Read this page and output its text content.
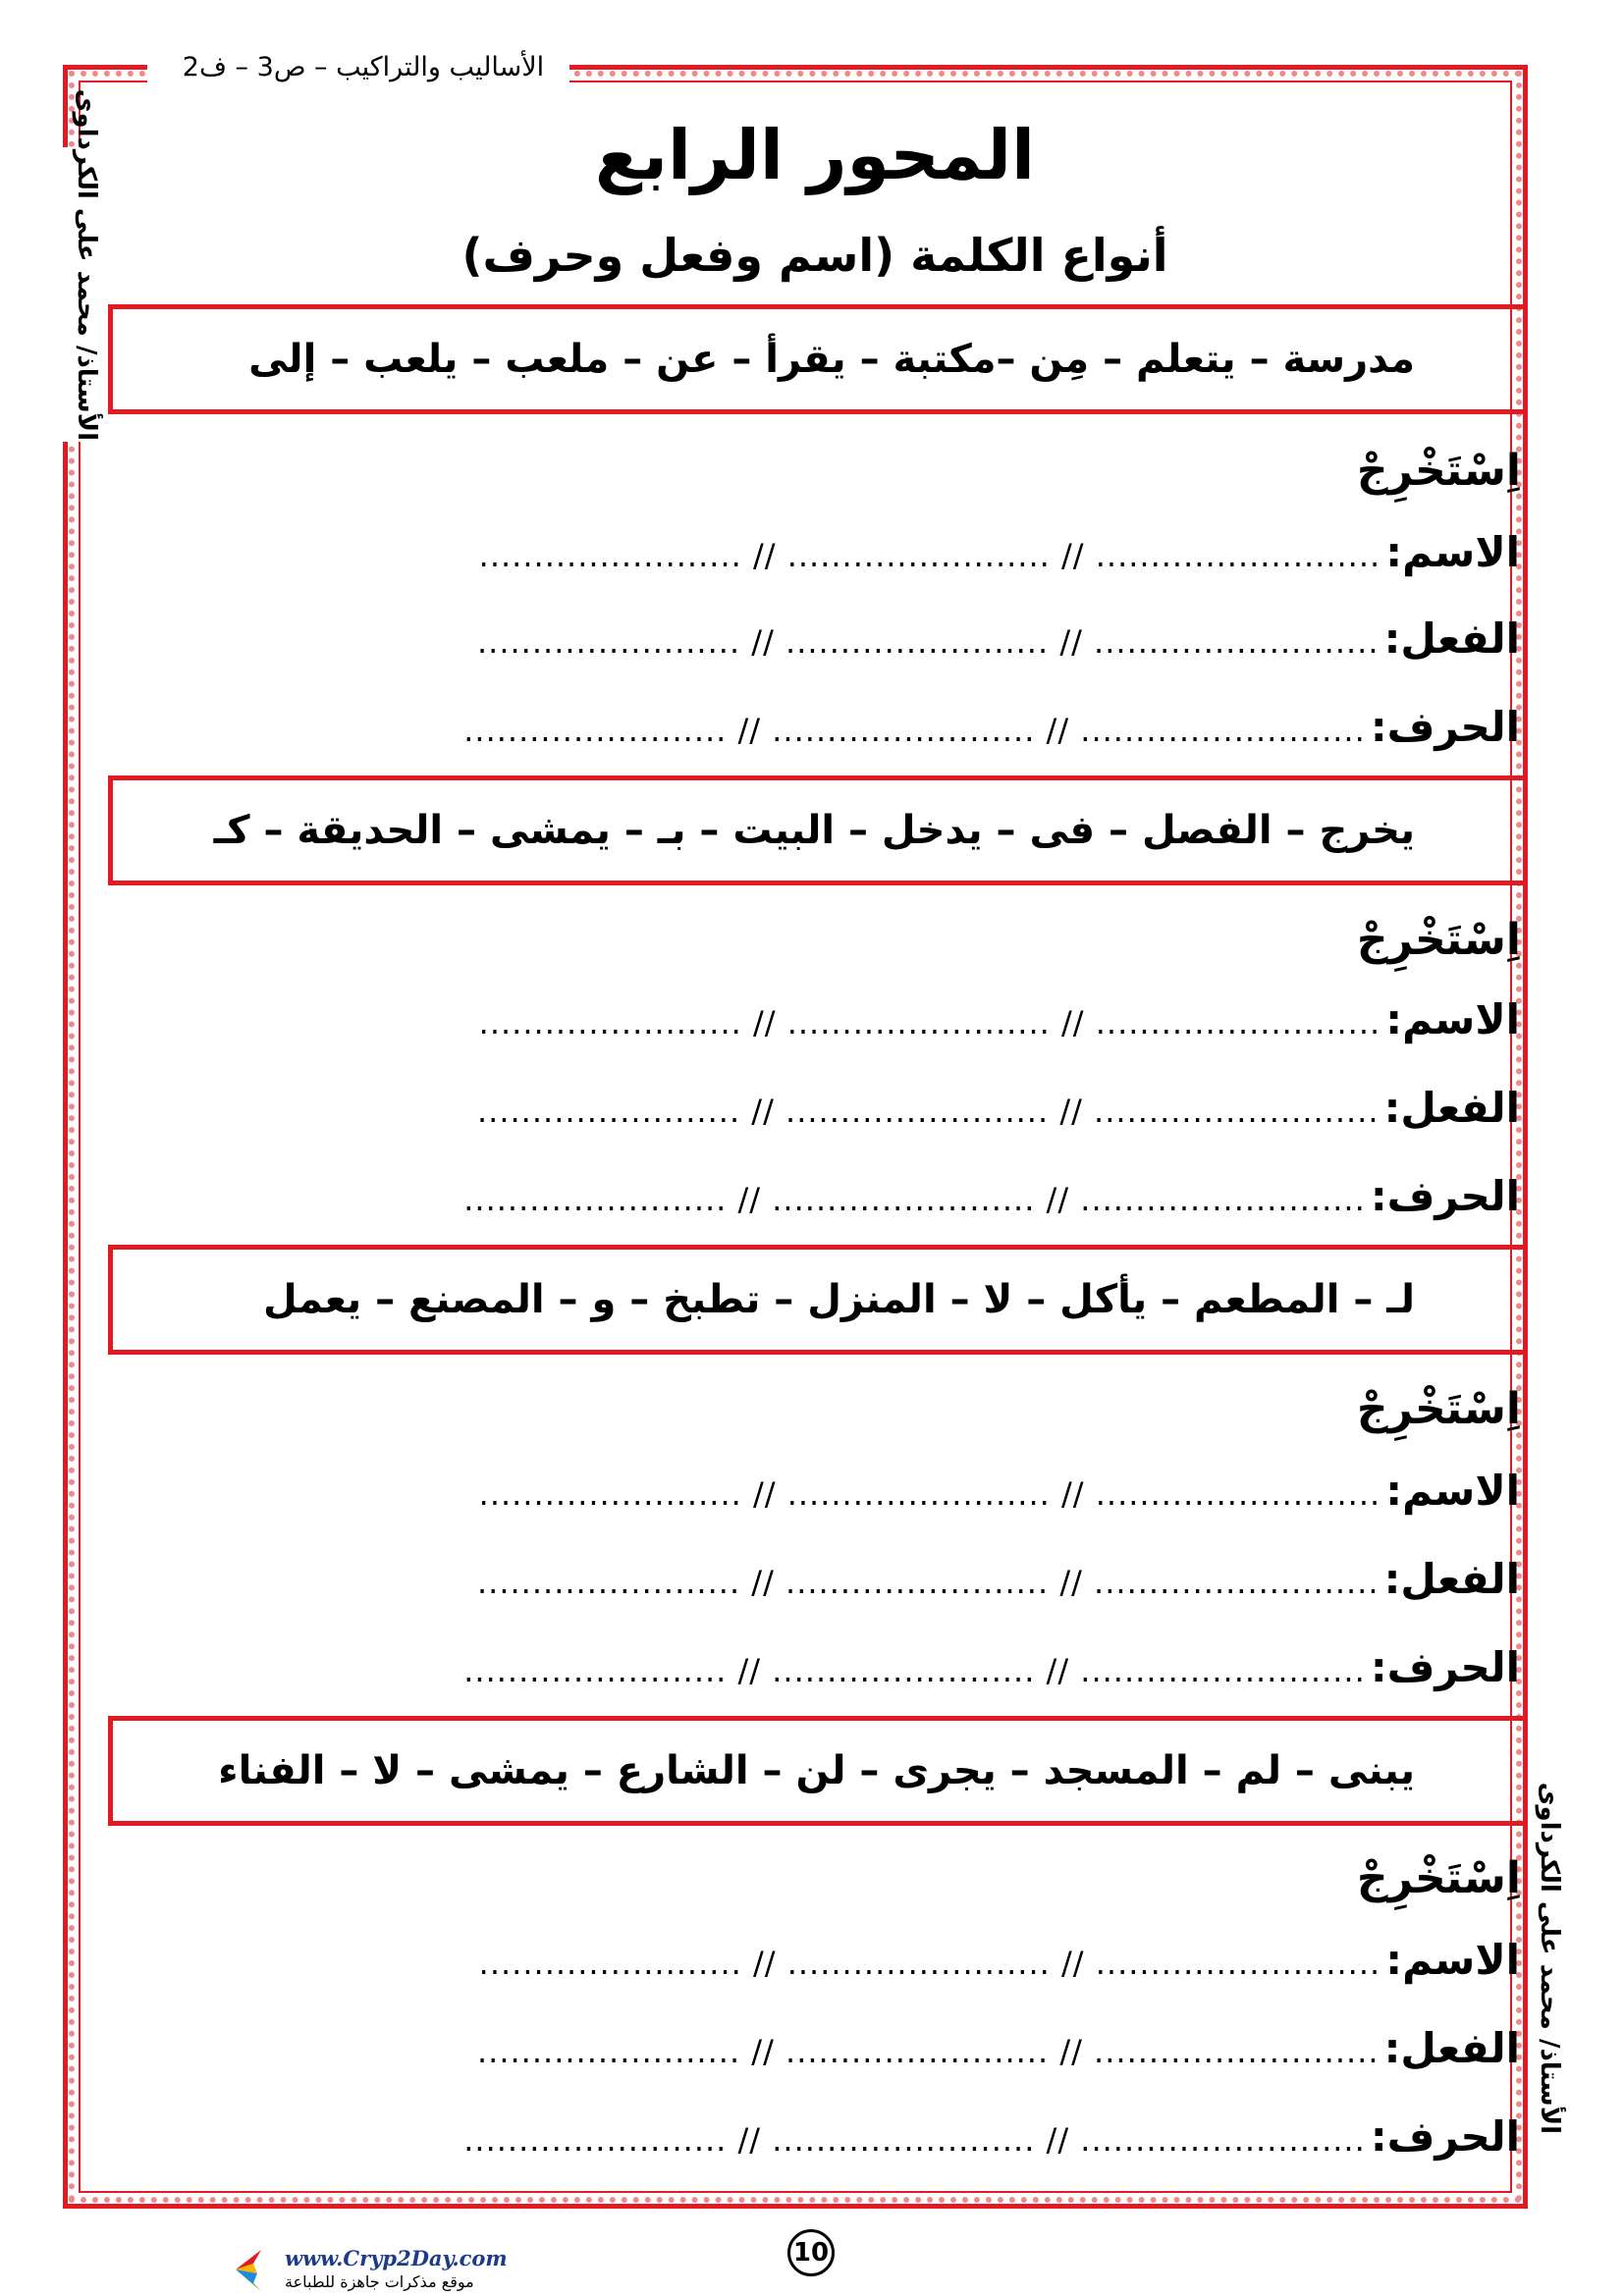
الأساليب والتراكيب – ص3 – ف2
الأستاذ/ محمد على الكرداوى
الأستاذ/ محمد على الكرداوى
المحور الرابع
أنواع الكلمة (اسم وفعل وحرف)
مدرسة – يتعلم – مِن –مكتبة – يقرأ – عن – ملعب – يلعب – إلى
اِسْتَخْرِجْ
الاسم: .......................... // ........................ // ........................
الفعل: .......................... // ........................ // ........................
الحرف: .......................... // ........................ // ........................
يخرج – الفصل – فى – يدخل – البيت – بـ – يمشى – الحديقة – كـ
اِسْتَخْرِجْ
الاسم: .......................... // ........................ // ........................
الفعل: .......................... // ........................ // ........................
الحرف: .......................... // ........................ // ........................
لـ – المطعم – يأكل – لا – المنزل – تطبخ – و – المصنع – يعمل
اِسْتَخْرِجْ
الاسم: .......................... // ........................ // ........................
الفعل: .......................... // ........................ // ........................
الحرف: .......................... // ........................ // ........................
يبنى – لم – المسجد – يجرى – لن – الشارع – يمشى – لا – الفناء
اِسْتَخْرِجْ
الاسم: .......................... // ........................ // ........................
الفعل: .......................... // ........................ // ........................
الحرف: .......................... // ........................ // ........................
10
www.Cryp2Day.com
موقع مذكرات جاهزة للطباعة
